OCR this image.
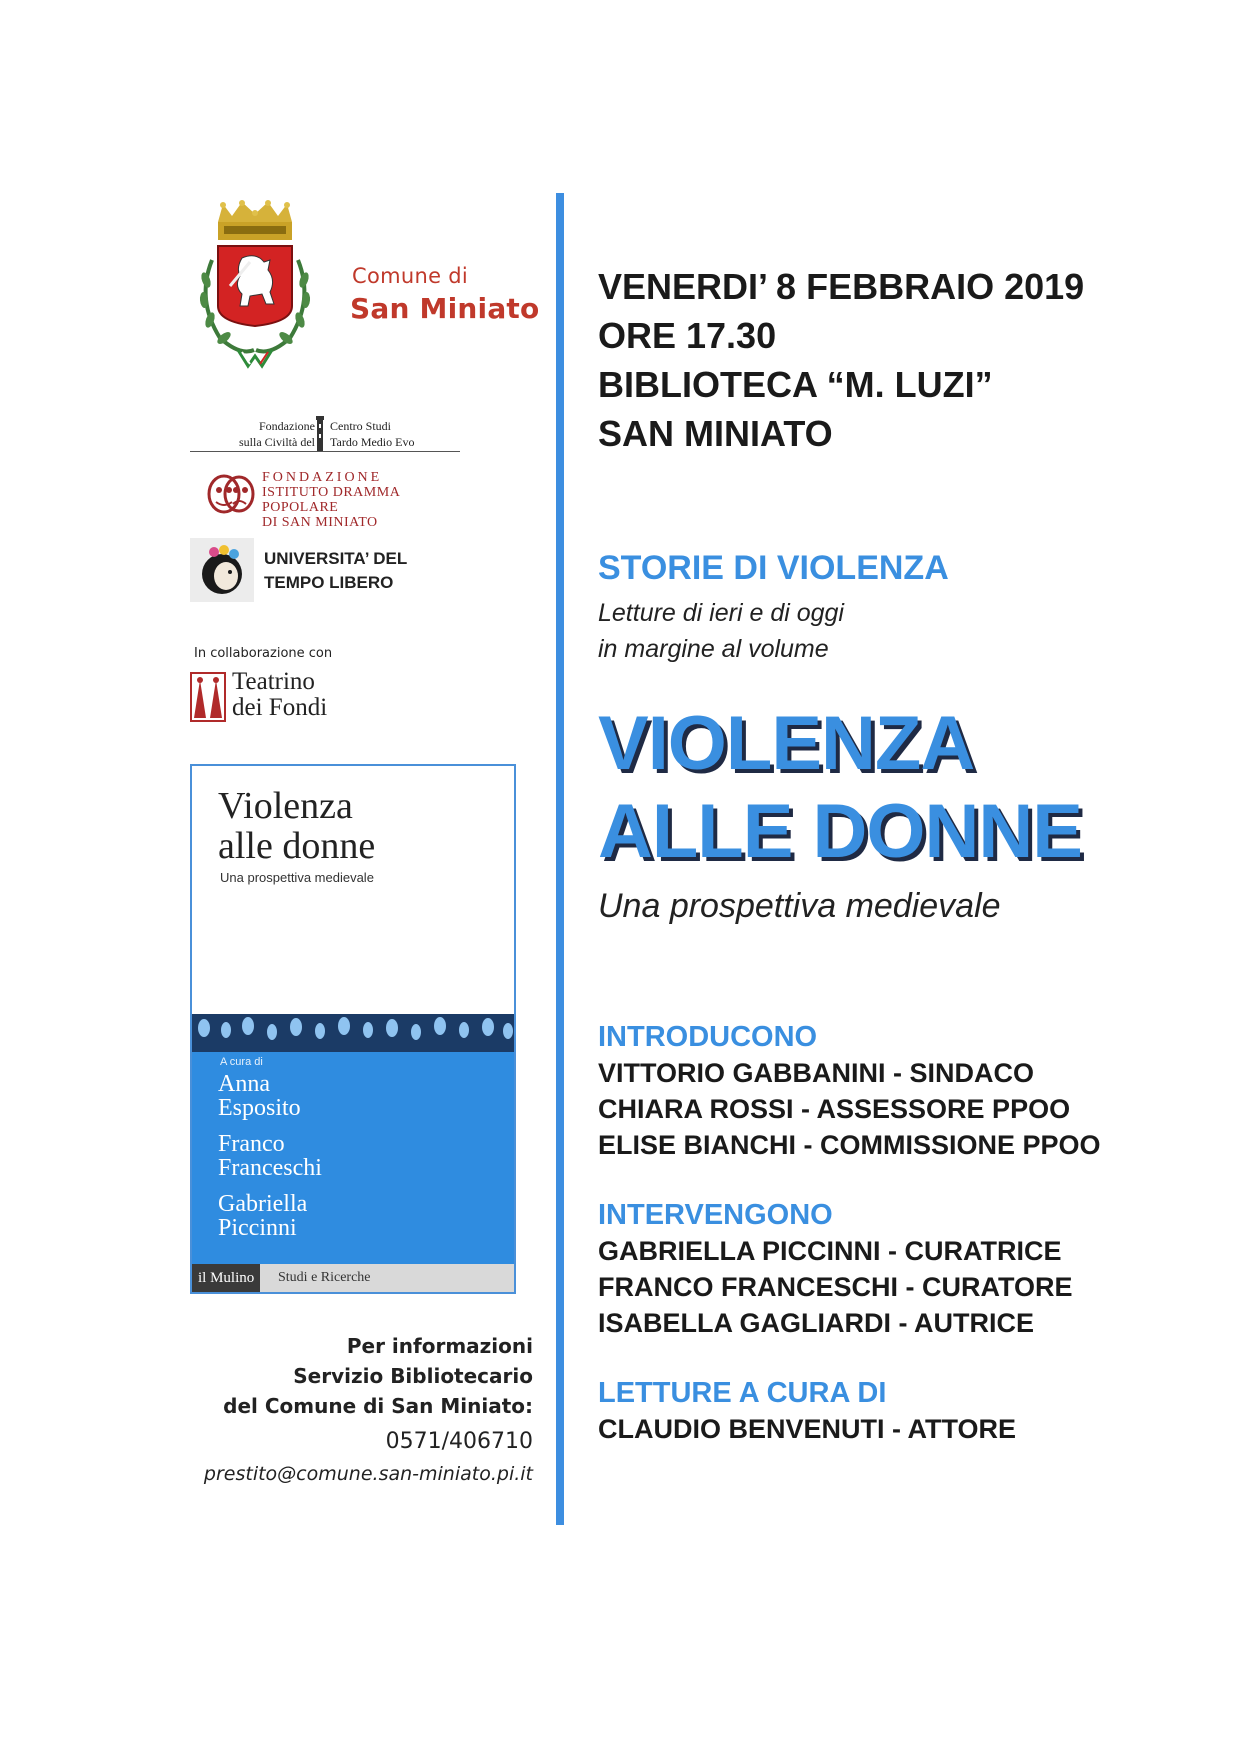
Comune di
San Miniato
Fondazione
sulla Civiltà del
Centro Studi
Tardo Medio Evo
FONDAZIONE
ISTITUTO DRAMMA POPOLARE
DI SAN MINIATO
UNIVERSITA’ DEL
TEMPO LIBERO
In collaborazione con
Teatrino
dei Fondi
Violenza
alle donne
Una prospettiva medievale
A cura di
Anna
Esposito
Franco
Franceschi
Gabriella
Piccinni
il Mulino	Studi e Ricerche
Per informazioni
Servizio Bibliotecario
del Comune di San Miniato:
0571/406710
prestito@comune.san-miniato.pi.it
VENERDI’ 8 FEBBRAIO 2019
ORE 17.30
BIBLIOTECA “M. LUZI”
SAN MINIATO
STORIE DI VIOLENZA
Letture di ieri e di oggi
in margine al volume
VIOLENZA
ALLE DONNE
Una prospettiva medievale
INTRODUCONO
VITTORIO GABBANINI - SINDACO
CHIARA ROSSI - ASSESSORE PPOO
ELISE BIANCHI - COMMISSIONE PPOO
INTERVENGONO
GABRIELLA PICCINNI - CURATRICE
FRANCO FRANCESCHI - CURATORE
ISABELLA GAGLIARDI - AUTRICE
LETTURE A CURA DI
CLAUDIO BENVENUTI - ATTORE
